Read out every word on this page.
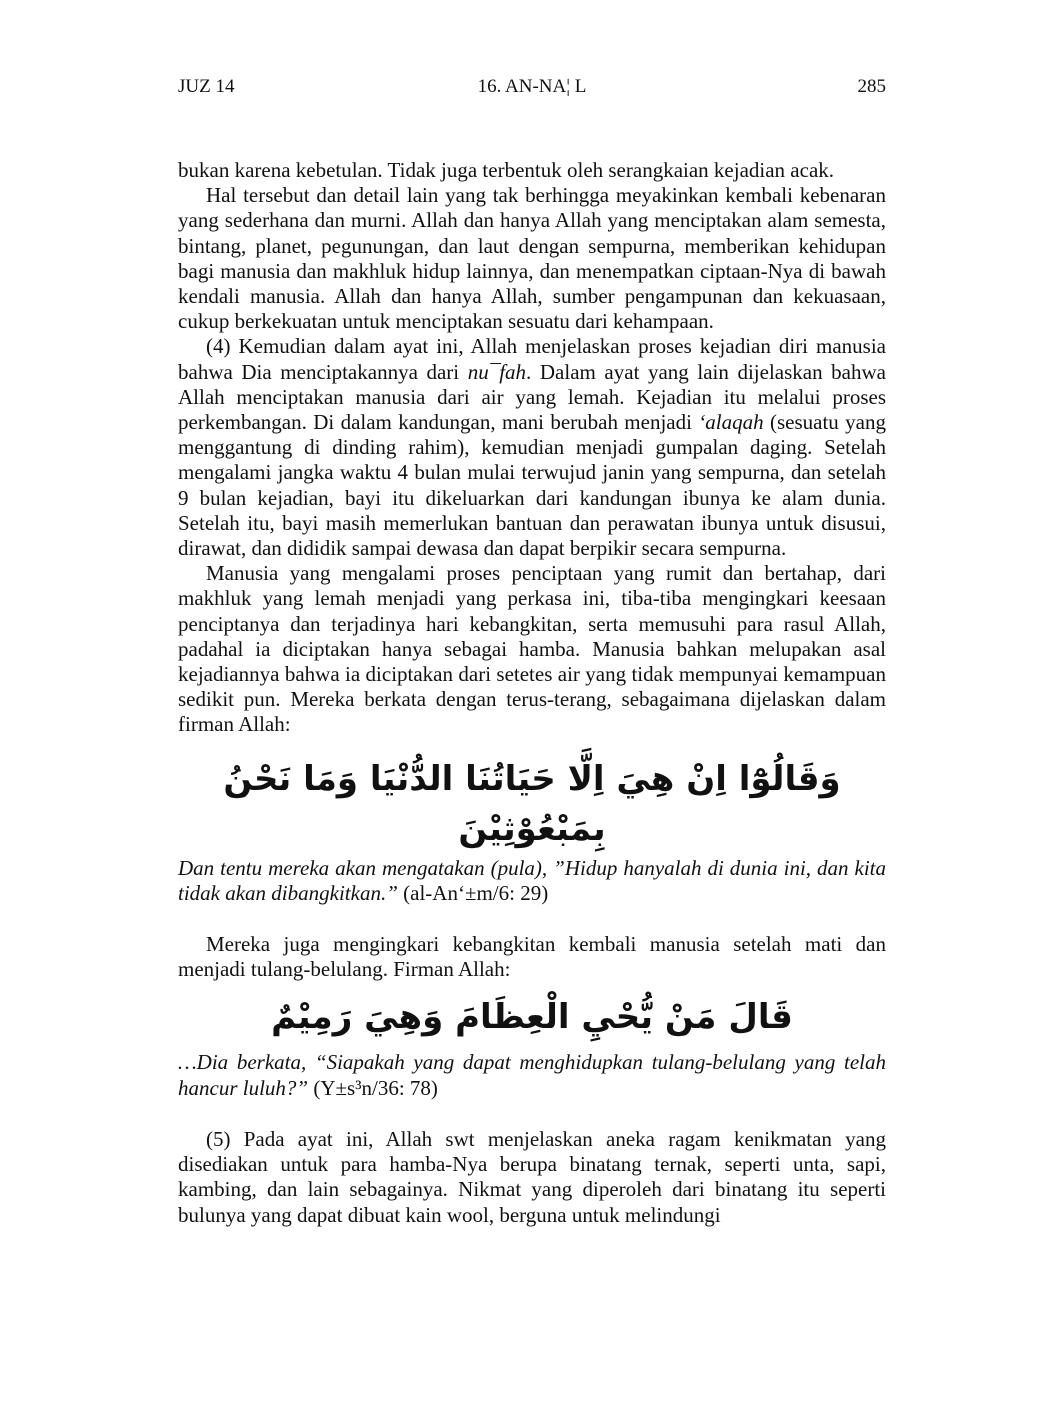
JUZ 14	16. AN-NA¦ L	285

bukan karena kebetulan. Tidak juga terbentuk oleh serangkaian kejadian acak.

Hal tersebut dan detail lain yang tak berhingga meyakinkan kembali kebenaran yang sederhana dan murni. Allah dan hanya Allah yang menciptakan alam semesta, bintang, planet, pegunungan, dan laut dengan sempurna, memberikan kehidupan bagi manusia dan makhluk hidup lainnya, dan menempatkan ciptaan-Nya di bawah kendali manusia. Allah dan hanya Allah, sumber pengampunan dan kekuasaan, cukup berkekuatan untuk menciptakan sesuatu dari kehampaan.

(4) Kemudian dalam ayat ini, Allah menjelaskan proses kejadian diri manusia bahwa Dia menciptakannya dari nu¯fah. Dalam ayat yang lain dijelaskan bahwa Allah menciptakan manusia dari air yang lemah. Kejadian itu melalui proses perkembangan. Di dalam kandungan, mani berubah menjadi ‘alaqah (sesuatu yang menggantung di dinding rahim), kemudian menjadi gumpalan daging. Setelah mengalami jangka waktu 4 bulan mulai terwujud janin yang sempurna, dan setelah 9 bulan kejadian, bayi itu dikeluarkan dari kandungan ibunya ke alam dunia. Setelah itu, bayi masih memerlukan bantuan dan perawatan ibunya untuk disusui, dirawat, dan dididik sampai dewasa dan dapat berpikir secara sempurna.

Manusia yang mengalami proses penciptaan yang rumit dan bertahap, dari makhluk yang lemah menjadi yang perkasa ini, tiba-tiba mengingkari keesaan penciptanya dan terjadinya hari kebangkitan, serta memusuhi para rasul Allah, padahal ia diciptakan hanya sebagai hamba. Manusia bahkan melupakan asal kejadiannya bahwa ia diciptakan dari setetes air yang tidak mempunyai kemampuan sedikit pun. Mereka berkata dengan terus-terang, sebagaimana dijelaskan dalam firman Allah:

وَقَالُوْٓا اِنْ هِيَ اِلَّا حَيَاتُنَا الدُّنْيَا وَمَا نَحْنُ بِمَبْعُوْثِيْنَ

Dan tentu mereka akan mengatakan (pula), ”Hidup hanyalah di dunia ini, dan kita tidak akan dibangkitkan.” (al-An‘±m/6: 29)

Mereka juga mengingkari kebangkitan kembali manusia setelah mati dan menjadi tulang-belulang. Firman Allah:

قَالَ مَنْ يُّحْيِ الْعِظَامَ وَهِيَ رَمِيْمٌ

…Dia berkata, “Siapakah yang dapat menghidupkan tulang-belulang yang telah hancur luluh?” (Y±s³n/36: 78)

(5) Pada ayat ini, Allah swt menjelaskan aneka ragam kenikmatan yang disediakan untuk para hamba-Nya berupa binatang ternak, seperti unta, sapi, kambing, dan lain sebagainya. Nikmat yang diperoleh dari binatang itu seperti bulunya yang dapat dibuat kain wool, berguna untuk melindungi
